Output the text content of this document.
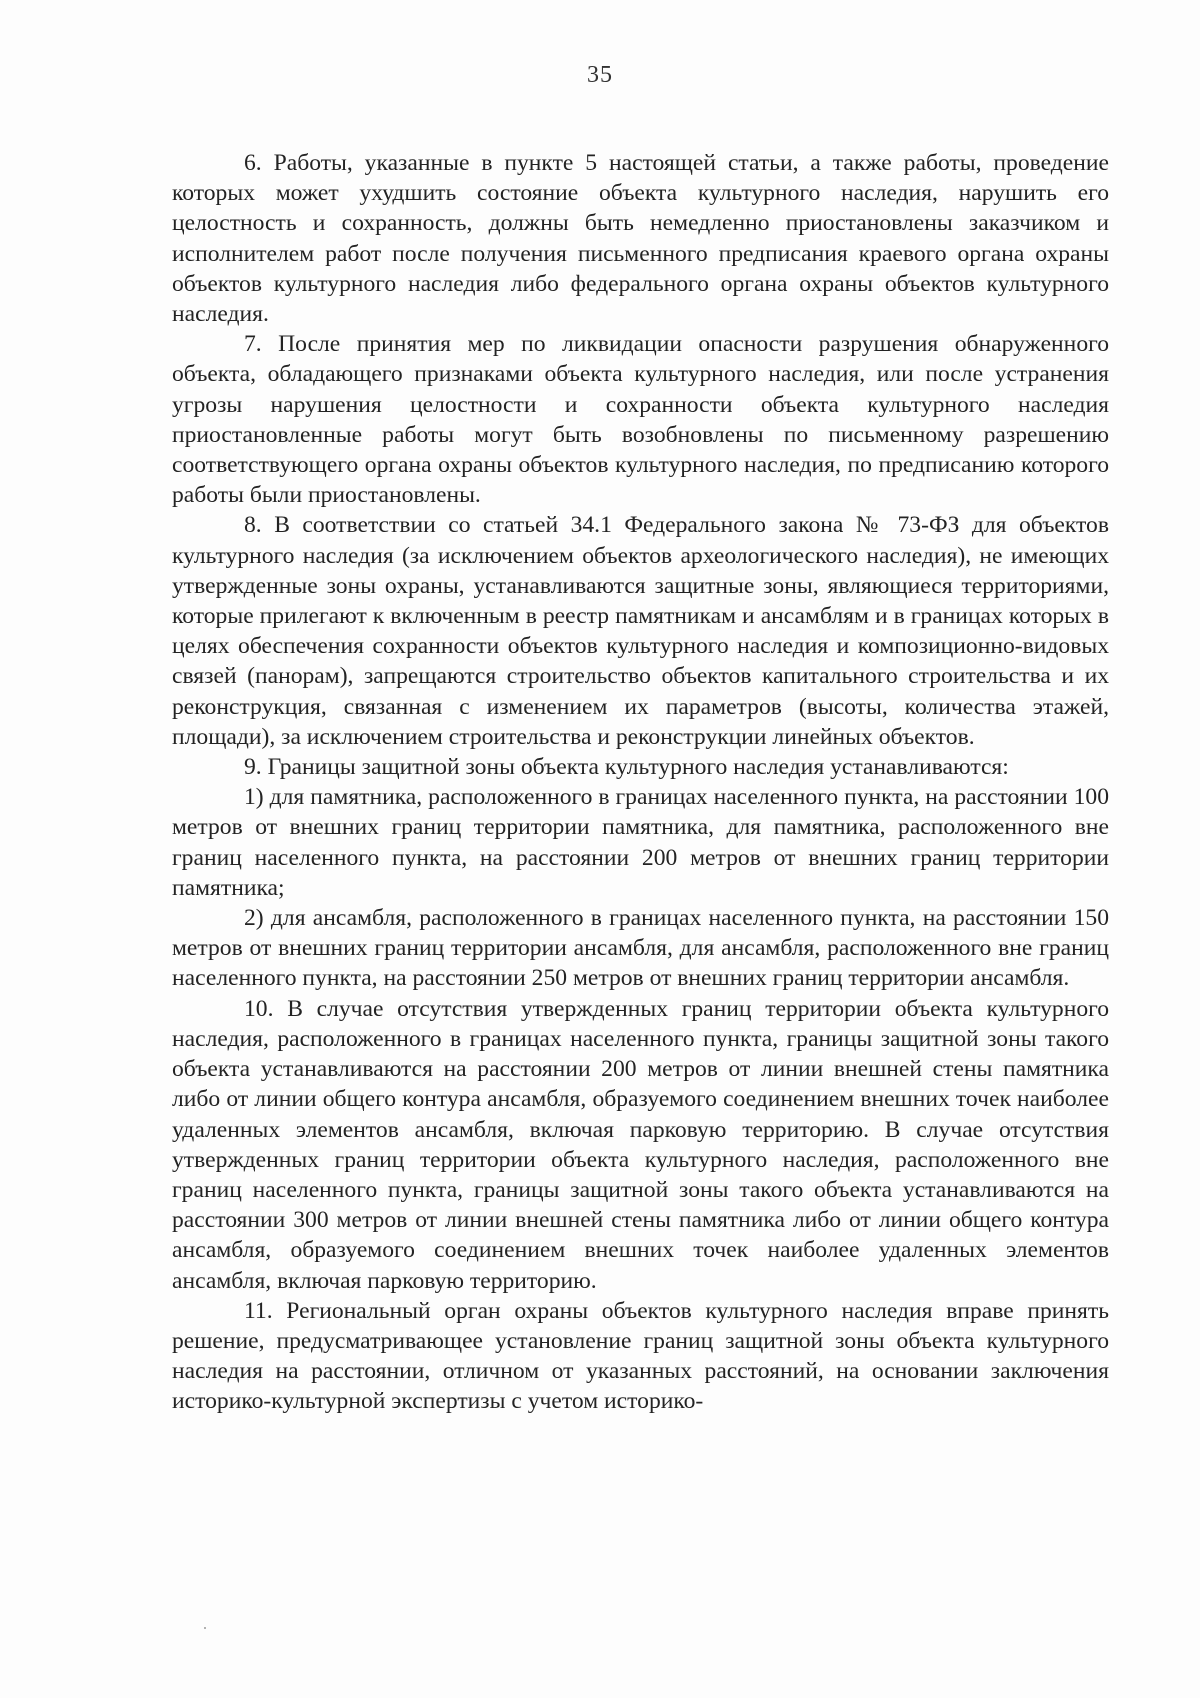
35

6. Работы, указанные в пункте 5 настоящей статьи, а также работы, проведение которых может ухудшить состояние объекта культурного наследия, нарушить его целостность и сохранность, должны быть немедленно приостановлены заказчиком и исполнителем работ после получения письменного предписания краевого органа охраны объектов культурного наследия либо федерального органа охраны объектов культурного наследия.

7. После принятия мер по ликвидации опасности разрушения обнаруженного объекта, обладающего признаками объекта культурного наследия, или после устранения угрозы нарушения целостности и сохранности объекта культурного наследия приостановленные работы могут быть возобновлены по письменному разрешению соответствующего органа охраны объектов культурного наследия, по предписанию которого работы были приостановлены.

8. В соответствии со статьей 34.1 Федерального закона № 73-ФЗ для объектов культурного наследия (за исключением объектов археологического наследия), не имеющих утвержденные зоны охраны, устанавливаются защитные зоны, являющиеся территориями, которые прилегают к включенным в реестр памятникам и ансамблям и в границах которых в целях обеспечения сохранности объектов культурного наследия и композиционно-видовых связей (панорам), запрещаются строительство объектов капитального строительства и их реконструкция, связанная с изменением их параметров (высоты, количества этажей, площади), за исключением строительства и реконструкции линейных объектов.

9. Границы защитной зоны объекта культурного наследия устанавливаются:

1) для памятника, расположенного в границах населенного пункта, на расстоянии 100 метров от внешних границ территории памятника, для памятника, расположенного вне границ населенного пункта, на расстоянии 200 метров от внешних границ территории памятника;

2) для ансамбля, расположенного в границах населенного пункта, на расстоянии 150 метров от внешних границ территории ансамбля, для ансамбля, расположенного вне границ населенного пункта, на расстоянии 250 метров от внешних границ территории ансамбля.

10. В случае отсутствия утвержденных границ территории объекта культурного наследия, расположенного в границах населенного пункта, границы защитной зоны такого объекта устанавливаются на расстоянии 200 метров от линии внешней стены памятника либо от линии общего контура ансамбля, образуемого соединением внешних точек наиболее удаленных элементов ансамбля, включая парковую территорию. В случае отсутствия утвержденных границ территории объекта культурного наследия, расположенного вне границ населенного пункта, границы защитной зоны такого объекта устанавливаются на расстоянии 300 метров от линии внешней стены памятника либо от линии общего контура ансамбля, образуемого соединением внешних точек наиболее удаленных элементов ансамбля, включая парковую территорию.

11. Региональный орган охраны объектов культурного наследия вправе принять решение, предусматривающее установление границ защитной зоны объекта культурного наследия на расстоянии, отличном от указанных расстояний, на основании заключения историко-культурной экспертизы с учетом историко-
